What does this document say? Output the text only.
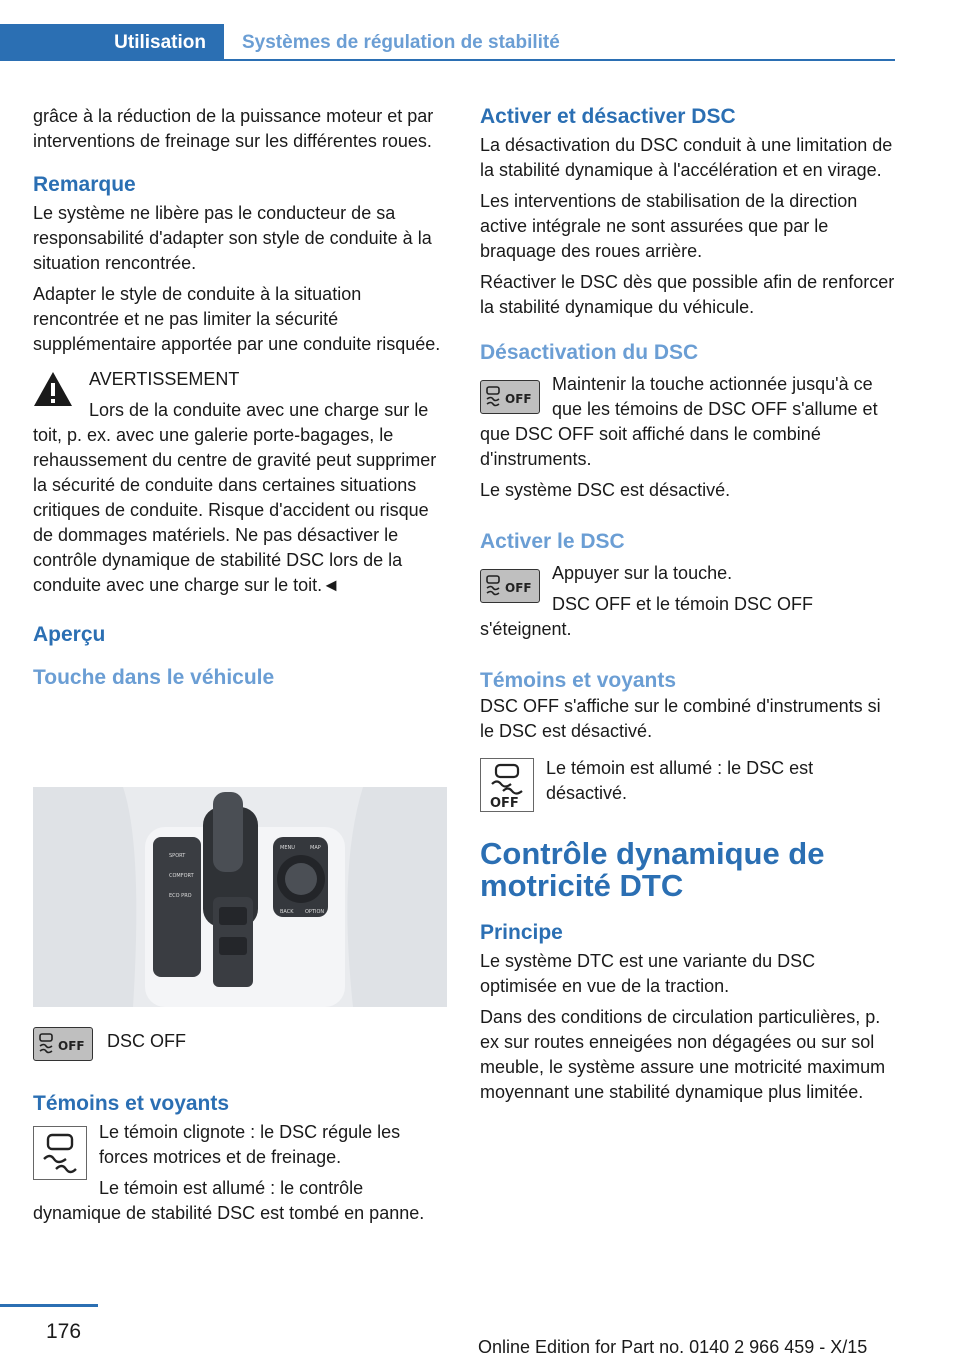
Utilisation	Systèmes de régulation de stabilité

grâce à la réduction de la puissance moteur et par interventions de freinage sur les différentes roues.

Remarque

Le système ne libère pas le conducteur de sa responsabilité d'adapter son style de conduite à la situation rencontrée.

Adapter le style de conduite à la situation rencontrée et ne pas limiter la sécurité supplémentaire apportée par une conduite risquée.

AVERTISSEMENT

Lors de la conduite avec une charge sur le toit, p. ex. avec une galerie porte-bagages, le rehaussement du centre de gravité peut supprimer la sécurité de conduite dans certaines situations critiques de conduite. Risque d'accident ou risque de dommages matériels. Ne pas désactiver le contrôle dynamique de stabilité DSC lors de la conduite avec une charge sur le toit.◄

Aperçu
Touche dans le véhicule
SPORT
COMFORT
ECO PRO
MENU	MAP
BACK OPTION
OFF	DSC OFF

Témoins et voyants

Le témoin clignote : le DSC régule les forces motrices et de freinage.

Le témoin est allumé : le contrôle dynamique de stabilité DSC est tombé en panne.

Activer et désactiver DSC

La désactivation du DSC conduit à une limitation de la stabilité dynamique à l'accélération et en virage.

Les interventions de stabilisation de la direction active intégrale ne sont assurées que par le braquage des roues arrière.

Réactiver le DSC dès que possible afin de renforcer la stabilité dynamique du véhicule.

Désactivation du DSC
OFF

Maintenir la touche actionnée jusqu'à ce que les témoins de DSC OFF s'allume et que DSC OFF soit affiché dans le combiné d'instruments.

Le système DSC est désactivé.

Activer le DSC
OFF

Appuyer sur la touche.

DSC OFF et le témoin DSC OFF s'éteignent.

Témoins et voyants

DSC OFF s'affiche sur le combiné d'instruments si le DSC est désactivé.

OFF

Le témoin est allumé : le DSC est désactivé.

Contrôle dynamique de motricité DTC
Principe

Le système DTC est une variante du DSC optimisée en vue de la traction.

Dans des conditions de circulation particulières, p. ex sur routes enneigées non dégagées ou sur sol meuble, le système assure une motricité maximum moyennant une stabilité dynamique plus limitée.

176
Online Edition for Part no. 0140 2 966 459 - X/15
